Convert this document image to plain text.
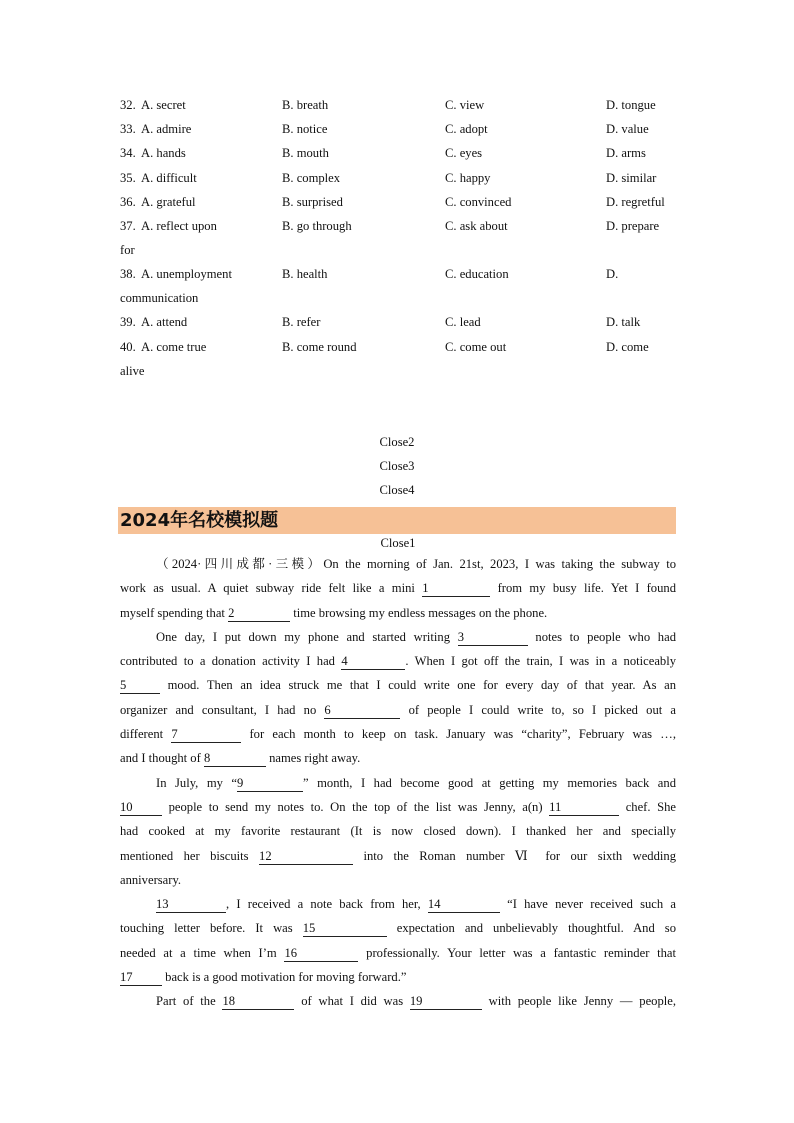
32. A. secret	B. breath	C. view	D. tongue
33. A. admire	B. notice	C. adopt	D. value
34. A. hands	B. mouth	C. eyes	D. arms
35. A. difficult	B. complex	C. happy	D. similar
36. A. grateful	B. surprised	C. convinced	D. regretful
37. A. reflect upon	B. go through	C. ask about	D. prepare
for
38. A. unemployment	B. health	C. education	D.
communication
39. A. attend	B. refer	C. lead	D. talk
40. A. come true	B. come round	C. come out	D. come
alive
Close2
Close3
Close4
2024年名校模拟题
Close1
（2024·四川成都·三模）On the morning of Jan. 21st, 2023, I was taking the subway to
work as usual. A quiet subway ride felt like a mini 1	from my busy life. Yet I found
myself spending that 2	time browsing my endless messages on the phone.
One day, I put down my phone and started writing 3	notes to people who had
contributed to a donation activity I had 4	. When I got off the train, I was in a noticeably
5	mood. Then an idea struck me that I could write one for every day of that year. As an
organizer and consultant, I had no 6	of people I could write to, so I picked out a
different 7	for each month to keep on task. January was “charity”, February was …,
and I thought of 8	names right away.
In July, my “9	” month, I had become good at getting my memories back and
10 people to send my notes to. On the top of the list was Jenny, a(n) 11	chef. She
had cooked at my favorite restaurant (It is now closed down). I thanked her and specially
mentioned her biscuits 12	into the Roman number Ⅵ for our sixth wedding
anniversary.
13	, I received a note back from her, 14	“I have never received such a
touching letter before. It was 15	expectation and unbelievably thoughtful. And so
needed at a time when I’m 16	professionally. Your letter was a fantastic reminder that
17 back is a good motivation for moving forward.”
Part of the 18	of what I did was 19	with people like Jenny — people,
